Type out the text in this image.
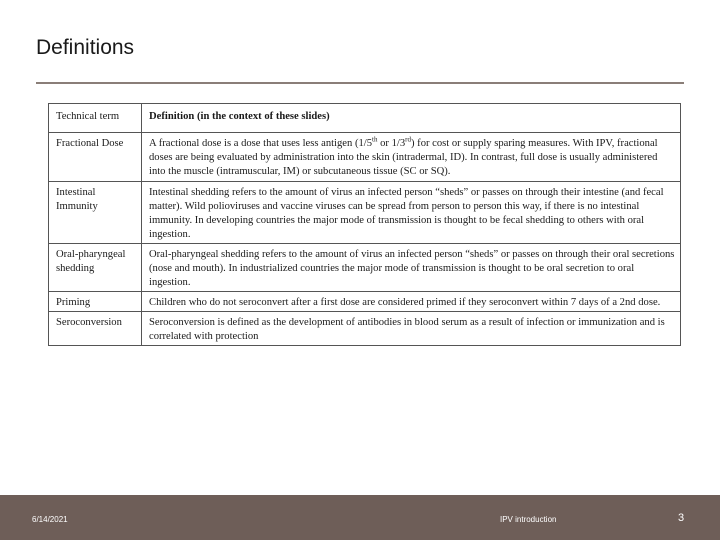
Definitions
Technical term	Definition (in the context of these slides)
Fractional Dose	A fractional dose is a dose that uses less antigen (1/5th or 1/3rd) for cost or supply sparing measures. With IPV, fractional doses are being evaluated by administration into the skin (intradermal, ID). In contrast, full dose is usually administered into the muscle (intramuscular, IM) or subcutaneous tissue (SC or SQ).
Intestinal Immunity	Intestinal shedding refers to the amount of virus an infected person “sheds” or passes on through their intestine (and fecal matter). Wild polioviruses and vaccine viruses can be spread from person to person this way, if there is no intestinal immunity. In developing countries the major mode of transmission is thought to be fecal shedding to others with oral ingestion.
Oral-pharyngeal shedding	Oral-pharyngeal shedding refers to the amount of virus an infected person “sheds” or passes on through their oral secretions (nose and mouth). In industrialized countries the major mode of transmission is thought to be oral secretion to oral ingestion.
Priming	Children who do not seroconvert after a first dose are considered primed if they seroconvert within 7 days of a 2nd dose.
Seroconversion	Seroconversion is defined as the development of antibodies in blood serum as a result of infection or immunization and is correlated with protection
6/14/2021	IPV introduction	3
